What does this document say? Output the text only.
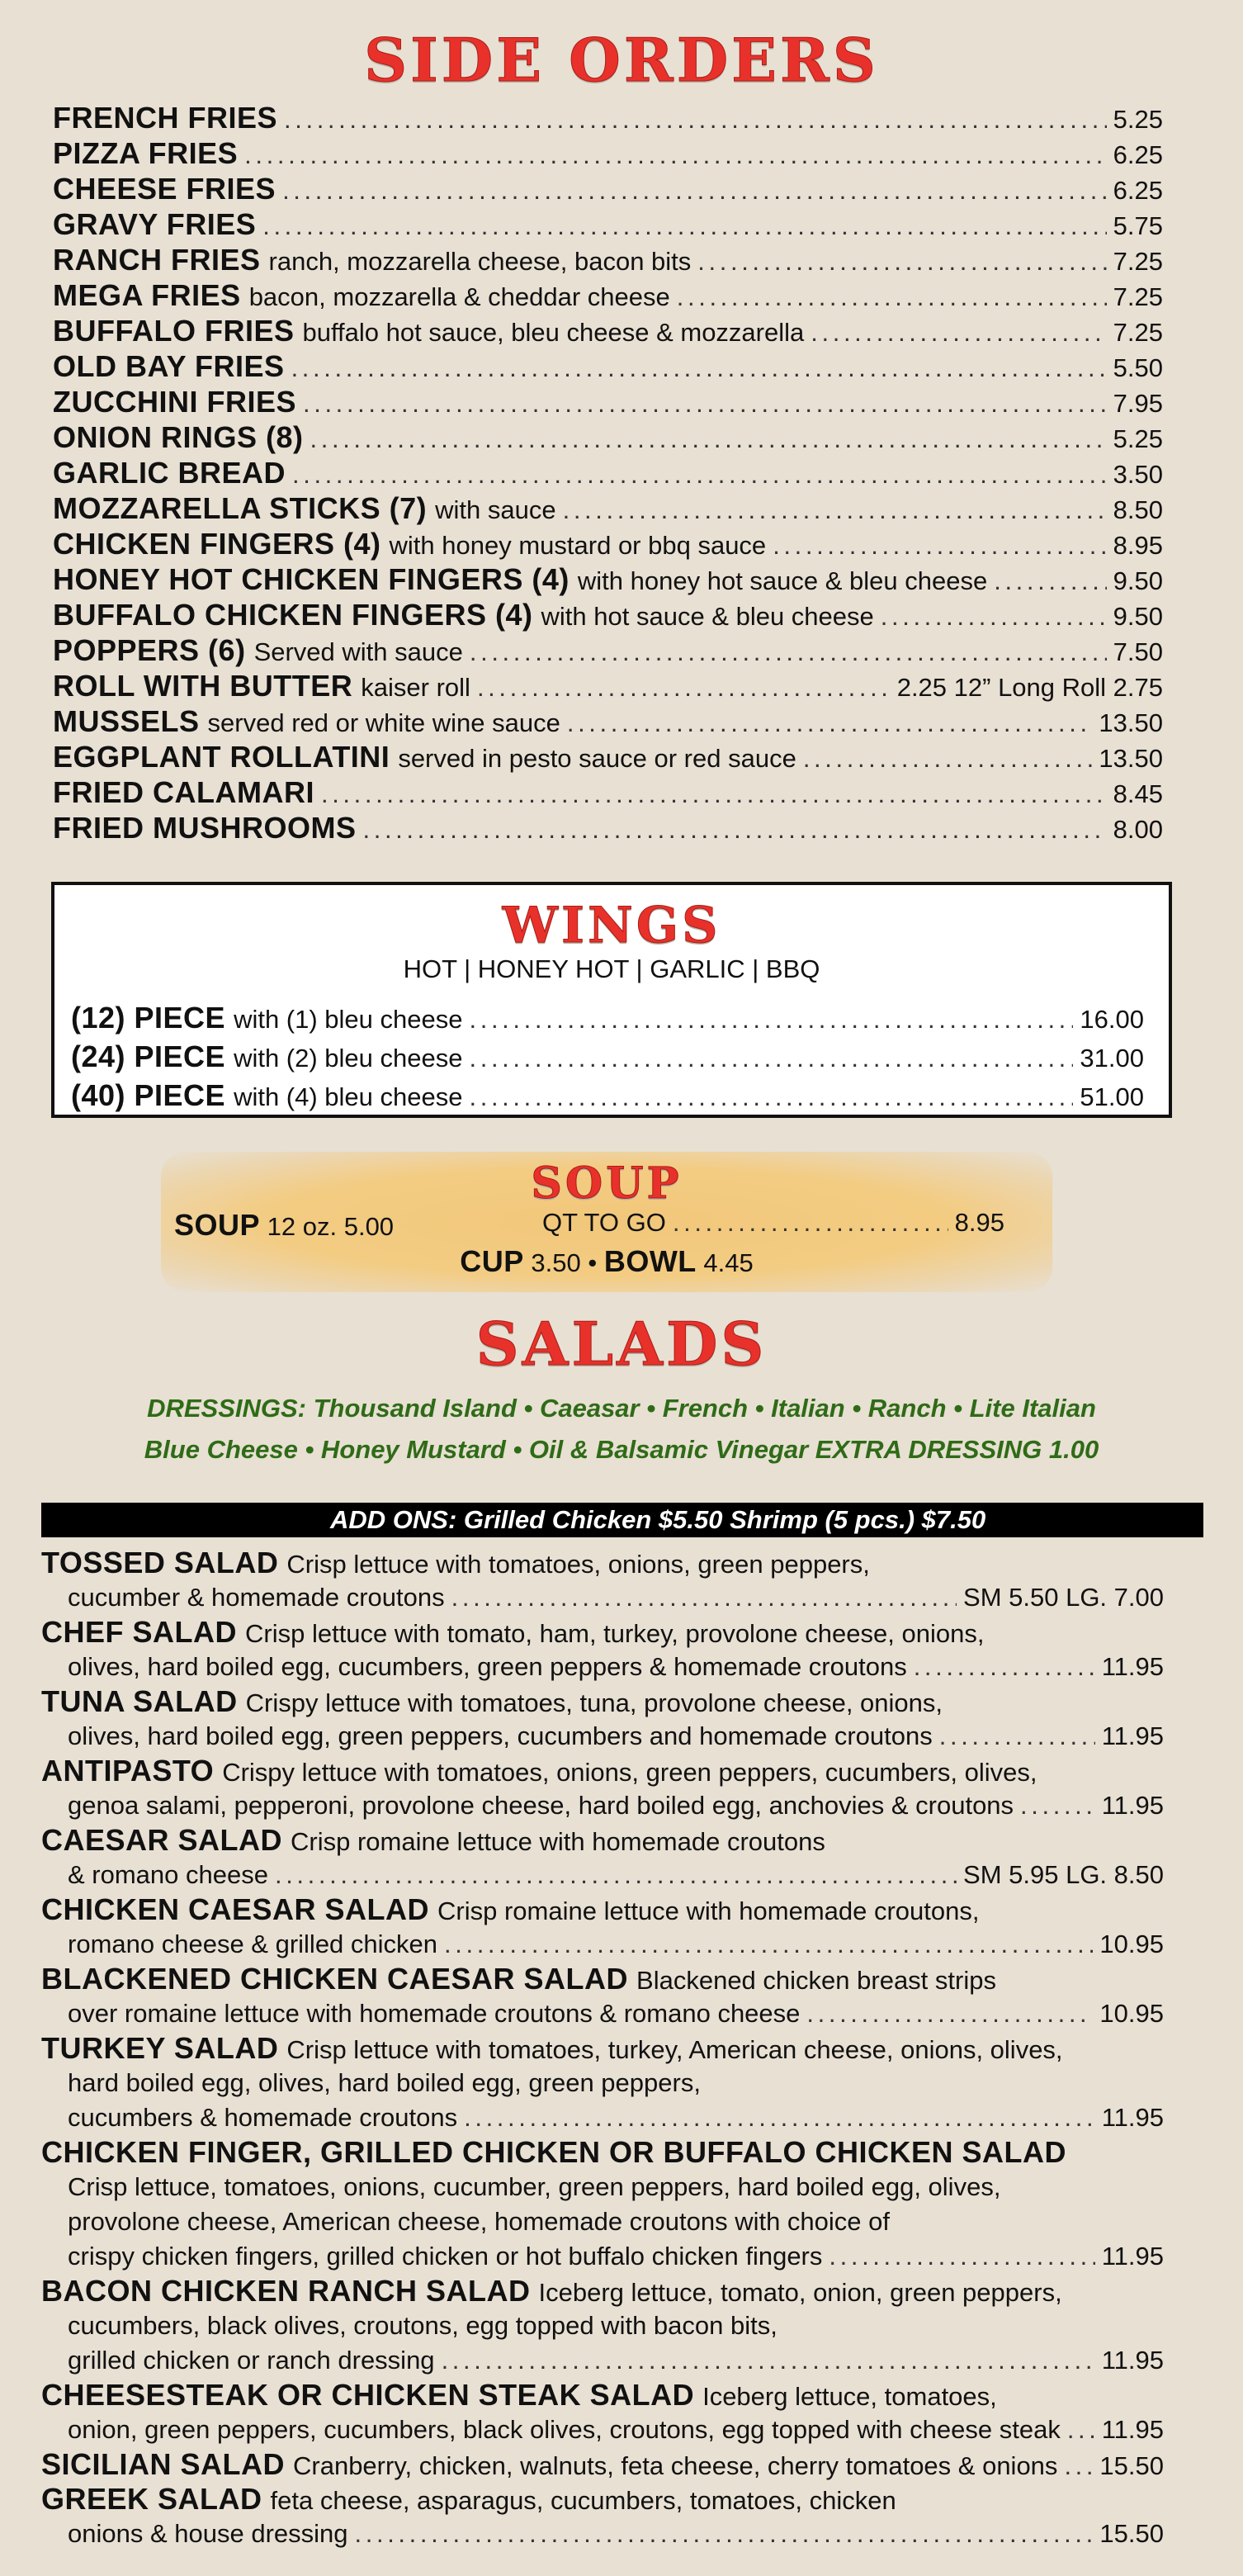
SIDE ORDERS
FRENCH FRIES . . .	5.25
PIZZA FRIES . . .	6.25
CHEESE FRIES . . .	6.25
GRAVY FRIES . . .	5.75
RANCH FRIES ranch, mozzarella cheese, bacon bits . . .	7.25
MEGA FRIES bacon, mozzarella & cheddar cheese . . .	7.25
BUFFALO FRIES buffalo hot sauce, bleu cheese & mozzarella . . .	7.25
OLD BAY FRIES . . .	5.50
ZUCCHINI FRIES . . .	7.95
ONION RINGS (8) . . .	5.25
GARLIC BREAD . . .	3.50
MOZZARELLA STICKS (7) with sauce . . .	8.50
CHICKEN FINGERS (4) with honey mustard or bbq sauce . . .	8.95
HONEY HOT CHICKEN FINGERS (4) with honey hot sauce & bleu cheese . . .	9.50
BUFFALO CHICKEN FINGERS (4) with hot sauce & bleu cheese . . .	9.50
POPPERS (6) Served with sauce . . .	7.50
ROLL WITH BUTTER kaiser roll . . .	2.25 12” Long Roll 2.75
MUSSELS served red or white wine sauce . . .	13.50
EGGPLANT ROLLATINI served in pesto sauce or red sauce . . .	13.50
FRIED CALAMARI . . .	8.45
FRIED MUSHROOMS . . .	8.00
WINGS
HOT | HONEY HOT | GARLIC | BBQ
(12) PIECE with (1) bleu cheese . . .	16.00
(24) PIECE with (2) bleu cheese . . .	31.00
(40) PIECE with (4) bleu cheese . . .	51.00
SOUP
SOUP 12 oz. 5.00	QT TO GO . . .	8.95
CUP 3.50 • BOWL 4.45
SALADS
DRESSINGS: Thousand Island • Caeasar • French • Italian • Ranch • Lite Italian
Blue Cheese • Honey Mustard • Oil & Balsamic Vinegar EXTRA DRESSING 1.00
ADD ONS: Grilled Chicken $5.50 Shrimp (5 pcs.) $7.50
TOSSED SALAD Crisp lettuce with tomatoes, onions, green peppers,
cucumber & homemade croutons . . .	SM 5.50 LG. 7.00
CHEF SALAD Crisp lettuce with tomato, ham, turkey, provolone cheese, onions,
olives, hard boiled egg, cucumbers, green peppers & homemade croutons . . .	11.95
TUNA SALAD Crispy lettuce with tomatoes, tuna, provolone cheese, onions,
olives, hard boiled egg, green peppers, cucumbers and homemade croutons . . .	11.95
ANTIPASTO Crispy lettuce with tomatoes, onions, green peppers, cucumbers, olives,
genoa salami, pepperoni, provolone cheese, hard boiled egg, anchovies & croutons . . .	11.95
CAESAR SALAD Crisp romaine lettuce with homemade croutons
& romano cheese . . .	SM 5.95 LG. 8.50
CHICKEN CAESAR SALAD Crisp romaine lettuce with homemade croutons,
romano cheese & grilled chicken . . .	10.95
BLACKENED CHICKEN CAESAR SALAD Blackened chicken breast strips
over romaine lettuce with homemade croutons & romano cheese . . .	10.95
TURKEY SALAD Crisp lettuce with tomatoes, turkey, American cheese, onions, olives,
hard boiled egg, olives, hard boiled egg, green peppers,
cucumbers & homemade croutons . . .	11.95
CHICKEN FINGER, GRILLED CHICKEN OR BUFFALO CHICKEN SALAD
Crisp lettuce, tomatoes, onions, cucumber, green peppers, hard boiled egg, olives,
provolone cheese, American cheese, homemade croutons with choice of
crispy chicken fingers, grilled chicken or hot buffalo chicken fingers . . .	11.95
BACON CHICKEN RANCH SALAD Iceberg lettuce, tomato, onion, green peppers,
cucumbers, black olives, croutons, egg topped with bacon bits,
grilled chicken or ranch dressing . . .	11.95
CHEESESTEAK OR CHICKEN STEAK SALAD Iceberg lettuce, tomatoes,
onion, green peppers, cucumbers, black olives, croutons, egg topped with cheese steak . . . 11.95
SICILIAN SALAD Cranberry, chicken, walnuts, feta cheese, cherry tomatoes & onions . . . 15.50
GREEK SALAD feta cheese, asparagus, cucumbers, tomatoes, chicken
onions & house dressing . . .	15.50
